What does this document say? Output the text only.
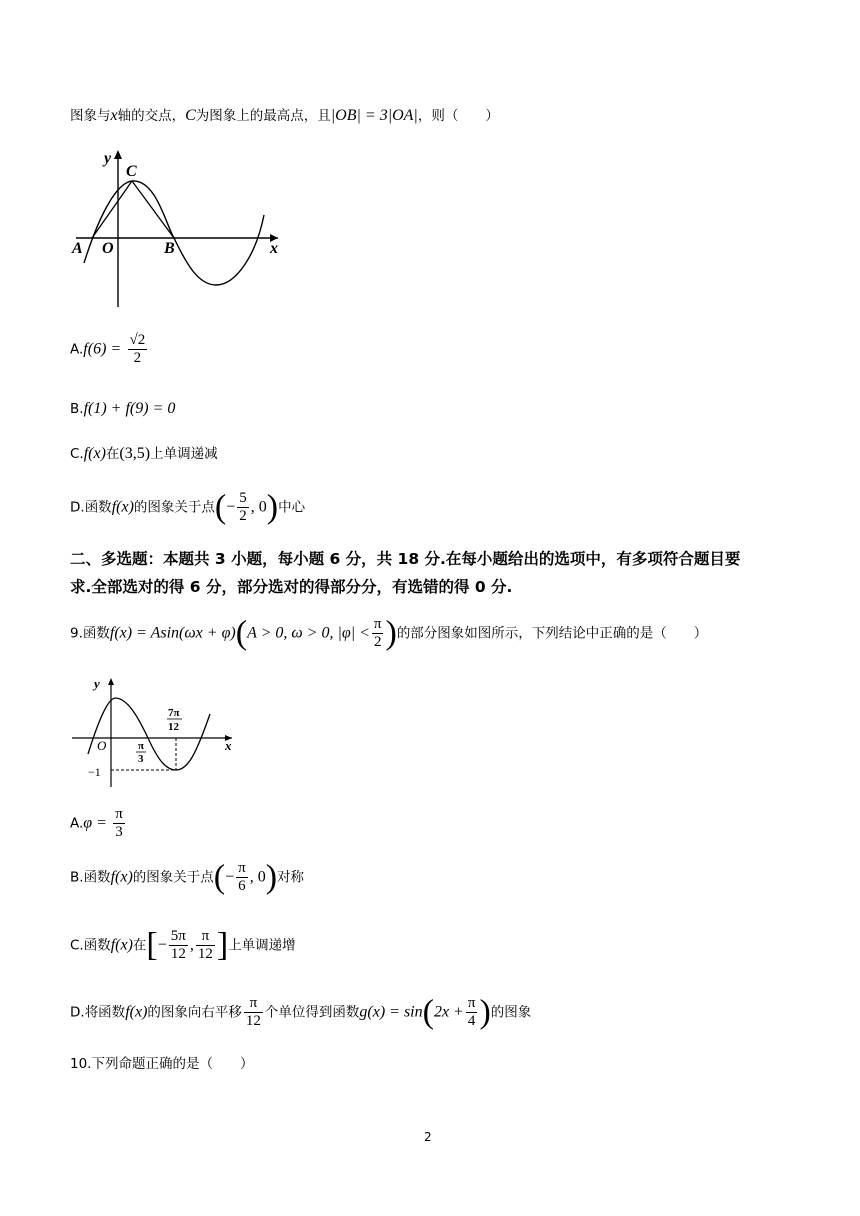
图象与x轴的交点，C为图象上的最高点，且|OB| = 3|OA|，则（　　）
y
C
A O	B	x
$A.f(6) = \frac{√2}{2}$
B.f(1) + f(9) = 0
C.f(x)在(3,5)上单调递减
D.函数f(x)的图象关于点(− $\frac{5}{2}$ , 0)中心
二、多选题：本题共 3 小题，每小题 6 分，共 18 分.在每小题给出的选项中，有多项符合题目要
求.全部选对的得 6 分，部分选对的得部分分，有选错的得 0 分.
9.函数f(x) = Asin(ωx + φ)(A > 0, ω > 0, $|\varphi| < \frac{\pi}{2}$ )的部分图象如图所示，下列结论中正确的是（　　）
y
O	x
−1
π
3
7π
12
$A.\varphi = \frac{\pi}{3}$
B.函数f(x)的图象关于点(− $\frac{\pi}{6}$ , 0)对称
C.函数f(x)在[− $\frac{5\pi}{12}$ , $\frac{\pi}{12}$ ]上单调递增
D.将函数f(x)的图象向右平移 $\frac{\pi}{12}$ 个单位得到函数$g(x) = \sin(2x + \frac{\pi}{4}$ )的图象
10.下列命题正确的是（　　）
2
